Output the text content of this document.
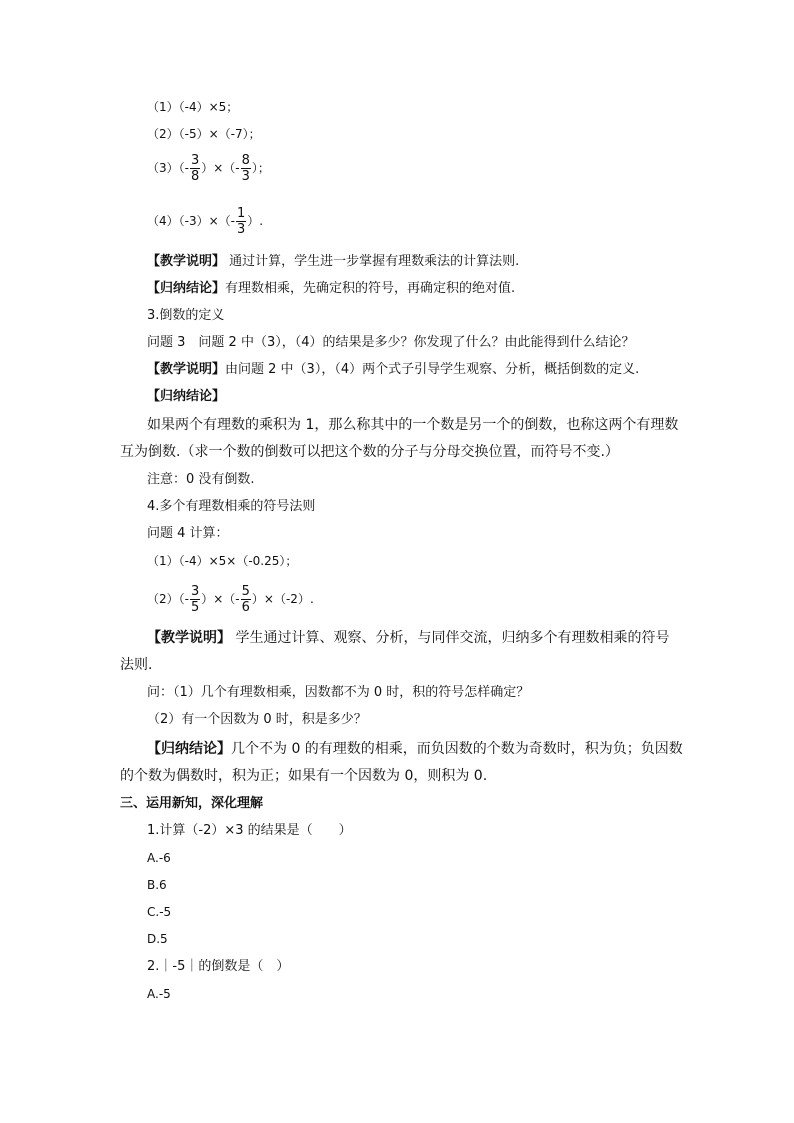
（1）（-4）×5；
（2）（-5）×（-7）；
$(3)(- \frac{3}{8}$ ）×（- $\frac{8}{3}$ ）；
$(4)(-3)\times(- \frac{1}{3}$ ）.
【教学说明】 通过计算，学生进一步掌握有理数乘法的计算法则.
【归纳结论】有理数相乘，先确定积的符号，再确定积的绝对值.
3.倒数的定义
问题 3　问题 2 中（3），（4）的结果是多少？你发现了什么？由此能得到什么结论？
【教学说明】由问题 2 中（3），（4）两个式子引导学生观察、分析，概括倒数的定义.
【归纳结论】
如果两个有理数的乘积为 1，那么称其中的一个数是另一个的倒数，也称这两个有理数
互为倒数.（求一个数的倒数可以把这个数的分子与分母交换位置，而符号不变.）
注意：0 没有倒数.
4.多个有理数相乘的符号法则
问题 4 计算：
（1）（-4）×5×（-0.25）；
$(2)(- \frac{3}{5}$ ）×（- $\frac{5}{6} )\times(-2)$.
【教学说明】 学生通过计算、观察、分析，与同伴交流，归纳多个有理数相乘的符号
法则.
问：（1）几个有理数相乘，因数都不为 0 时，积的符号怎样确定？
（2）有一个因数为 0 时，积是多少？
【归纳结论】几个不为 0 的有理数的相乘，而负因数的个数为奇数时，积为负；负因数
的个数为偶数时，积为正；如果有一个因数为 0，则积为 0.
三、运用新知，深化理解
1.计算（-2）×3 的结果是（　　）
A.-6
B.6
C.-5
D.5
2.｜-5｜的倒数是（　）
A.-5
